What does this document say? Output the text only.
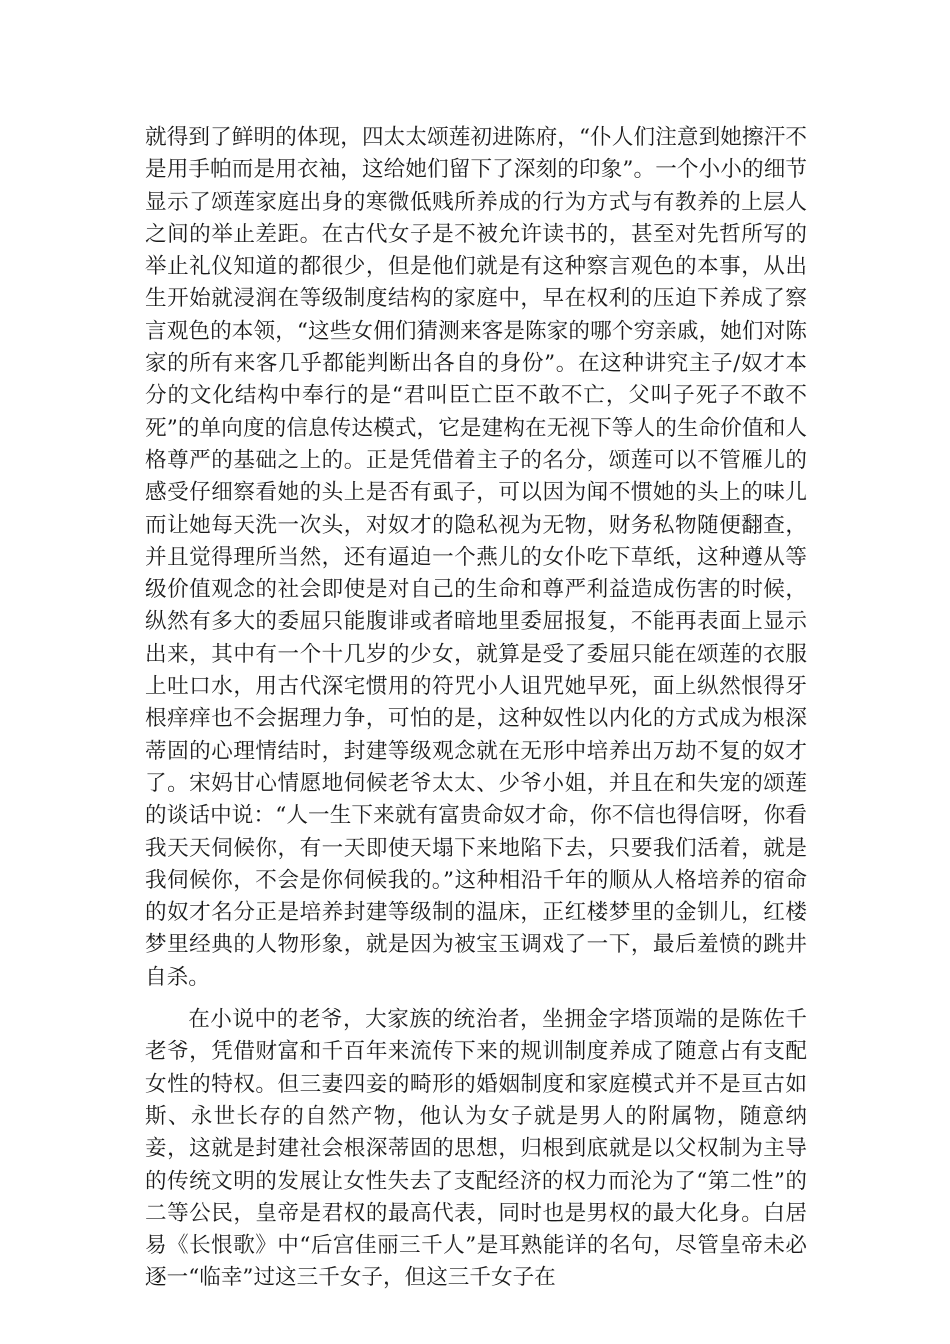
就得到了鲜明的体现，四太太颂莲初进陈府，“仆人们注意到她擦汗不是用手帕而是用衣袖，这给她们留下了深刻的印象”。一个小小的细节显示了颂莲家庭出身的寒微低贱所养成的行为方式与有教养的上层人之间的举止差距。在古代女子是不被允许读书的，甚至对先哲所写的举止礼仪知道的都很少，但是他们就是有这种察言观色的本事，从出生开始就浸润在等级制度结构的家庭中，早在权利的压迫下养成了察言观色的本领，“这些女佣们猜测来客是陈家的哪个穷亲戚，她们对陈家的所有来客几乎都能判断出各自的身份”。在这种讲究主子/奴才本分的文化结构中奉行的是“君叫臣亡臣不敢不亡，父叫子死子不敢不死”的单向度的信息传达模式，它是建构在无视下等人的生命价值和人格尊严的基础之上的。正是凭借着主子的名分，颂莲可以不管雁儿的感受仔细察看她的头上是否有虱子，可以因为闻不惯她的头上的味儿而让她每天洗一次头，对奴才的隐私视为无物，财务私物随便翻查，并且觉得理所当然，还有逼迫一个燕儿的女仆吃下草纸，这种遵从等级价值观念的社会即使是对自己的生命和尊严利益造成伤害的时候，纵然有多大的委屈只能腹诽或者暗地里委屈报复，不能再表面上显示出来，其中有一个十几岁的少女，就算是受了委屈只能在颂莲的衣服上吐口水，用古代深宅惯用的符咒小人诅咒她早死，面上纵然恨得牙根痒痒也不会据理力争，可怕的是，这种奴性以内化的方式成为根深蒂固的心理情结时，封建等级观念就在无形中培养出万劫不复的奴才了。宋妈甘心情愿地伺候老爷太太、少爷小姐，并且在和失宠的颂莲的谈话中说：“人一生下来就有富贵命奴才命，你不信也得信呀，你看我天天伺候你，有一天即使天塌下来地陷下去，只要我们活着，就是我伺候你，不会是你伺候我的。”这种相沿千年的顺从人格培养的宿命的奴才名分正是培养封建等级制的温床，正红楼梦里的金钏儿，红楼梦里经典的人物形象，就是因为被宝玉调戏了一下，最后羞愤的跳井自杀。

在小说中的老爷，大家族的统治者，坐拥金字塔顶端的是陈佐千老爷，凭借财富和千百年来流传下来的规训制度养成了随意占有支配女性的特权。但三妻四妾的畸形的婚姻制度和家庭模式并不是亘古如斯、永世长存的自然产物，他认为女子就是男人的附属物，随意纳妾，这就是封建社会根深蒂固的思想，归根到底就是以父权制为主导的传统文明的发展让女性失去了支配经济的权力而沦为了“第二性”的二等公民，皇帝是君权的最高代表，同时也是男权的最大化身。白居易《长恨歌》中“后宫佳丽三千人”是耳熟能详的名句，尽管皇帝未必逐一“临幸”过这三千女子，但这三千女子在
